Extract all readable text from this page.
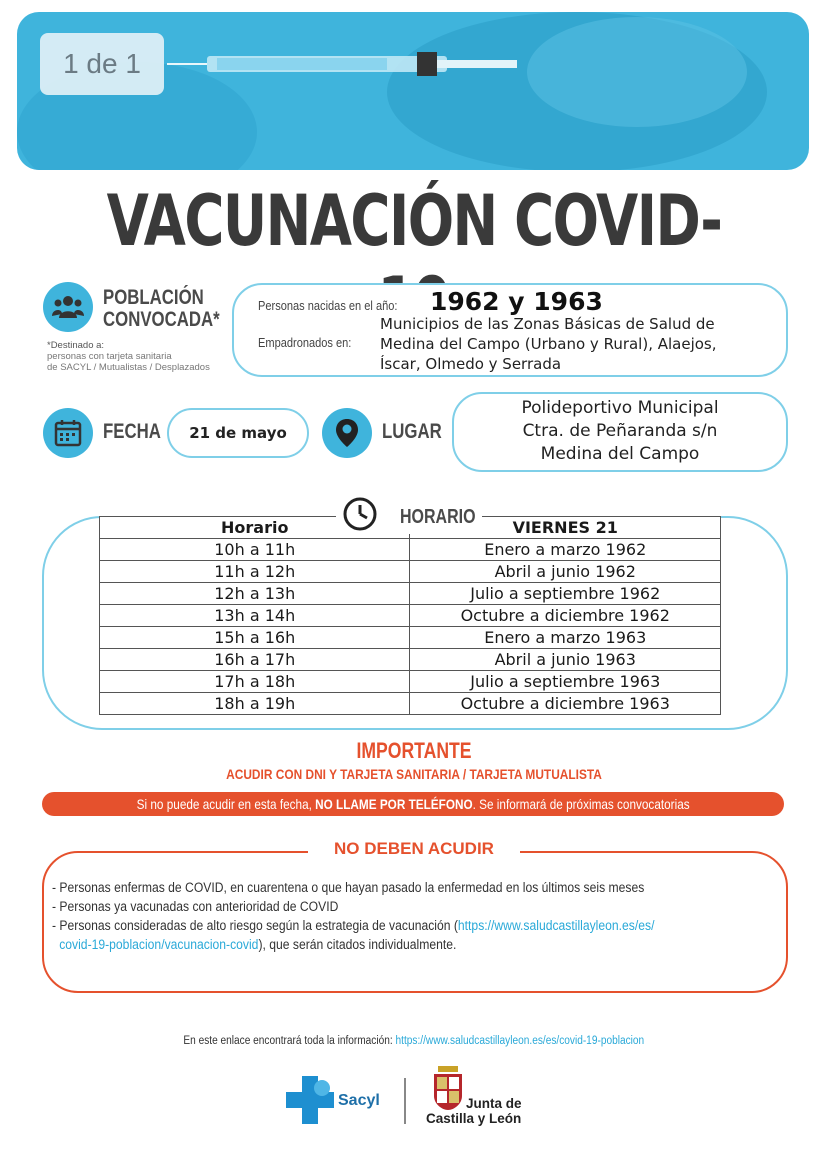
1 de 1
VACUNACIÓN COVID-
POBLACIÓN
CONVOCADA*
*Destinado a:
personas con tarjeta sanitaria
de SACYL / Mutualistas / Desplazados
Personas nacidas en el año: 1962 y 1963
Empadronados en:
Municipios de las Zonas Básicas de Salud de
Medina del Campo (Urbano y Rural), Alaejos,
Íscar, Olmedo y Serrada
FECHA	21 de mayo	LUGAR
Polideportivo Municipal
Ctra. de Peñaranda s/n
Medina del Campo
Horario	VIERNES 21
10h a 11h	Enero a marzo 1962
11h a 12h	Abril a junio 1962
12h a 13h	Julio a septiembre 1962
13h a 14h	Octubre a diciembre 1962
15h a 16h	Enero a marzo 1963
16h a 17h	Abril a junio 1963
17h a 18h	Julio a septiembre 1963
18h a 19h	Octubre a diciembre 1963
HORARIO
IMPORTANTE
ACUDIR CON DNI Y TARJETA SANITARIA / TARJETA MUTUALISTA
Si no puede acudir en esta fecha, NO LLAME POR TELÉFONO. Se informará de próximas convocatorias
NO DEBEN ACUDIR
- Personas enfermas de COVID, en cuarentena o que hayan pasado la enfermedad en los últimos seis meses
- Personas ya vacunadas con anterioridad de COVID
- Personas consideradas de alto riesgo según la estrategia de vacunación (https://www.saludcastillayleon.es/es/
covid-19-poblacion/vacunacion-covid), que serán citados individualmente.
En este enlace encontrará toda la información: https://www.saludcastillayleon.es/es/covid-19-poblacion
Sacyl	Junta de
Castilla y León
